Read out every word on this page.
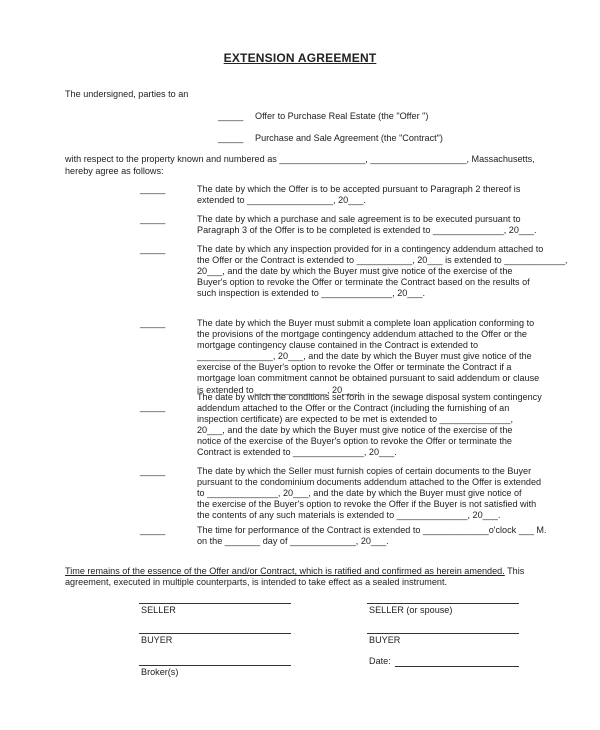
EXTENSION AGREEMENT
The undersigned, parties to an
_____ Offer to Purchase Real Estate (the "Offer ")
_____ Purchase and Sale Agreement (the "Contract")
with respect to the property known and numbered as _________________, ___________________, Massachusetts,
hereby agree as follows:
_____	The date by which the Offer is to be accepted pursuant to Paragraph 2 thereof is
extended to _________________, 20___.
_____	The date by which a purchase and sale agreement is to be executed pursuant to
Paragraph 3 of the Offer is to be completed is extended to ______________, 20___.
_____	The date by which any inspection provided for in a contingency addendum attached to
the Offer or the Contract is extended to ___________, 20___ is extended to ____________,
20___, and the date by which the Buyer must give notice of the exercise of the
Buyer's option to revoke the Offer or terminate the Contract based on the results of
such inspection is extended to ______________, 20___.
_____	The date by which the Buyer must submit a complete loan application conforming to
the provisions of the mortgage contingency addendum attached to the Offer or the
mortgage contingency clause contained in the Contract is extended to
_______________, 20___, and the date by which the Buyer must give notice of the
exercise of the Buyer's option to revoke the Offer or terminate the Contract if a
mortgage loan commitment cannot be obtained pursuant to said addendum or clause
is extended to ______________, 20___.
_____
The date by which the conditions set forth in the sewage disposal system contingency
addendum attached to the Offer or the Contract (including the furnishing of an
inspection certificate) are expected to be met is extended to ______________,
20___, and the date by which the Buyer must give notice of the exercise of the
notice of the exercise of the Buyer's option to revoke the Offer or terminate the
Contract is extended to ______________, 20___.
_____	The date by which the Seller must furnish copies of certain documents to the Buyer
pursuant to the condominium documents addendum attached to the Offer is extended
to ______________, 20___, and the date by which the Buyer must give notice of
the exercise of the Buyer's option to revoke the Offer if the Buyer is not satisfied with
the contents of any such materials is extended to ______________, 20___.
_____	The time for performance of the Contract is extended to _____________o'clock ___ M.
on the _______ day of _____________, 20___.
Time remains of the essence of the Offer and/or Contract, which is ratified and confirmed as herein amended. This
agreement, executed in multiple counterparts, is intended to take effect as a sealed instrument.
SELLER	SELLER (or spouse)
BUYER	BUYER
Broker(s)
Date:
